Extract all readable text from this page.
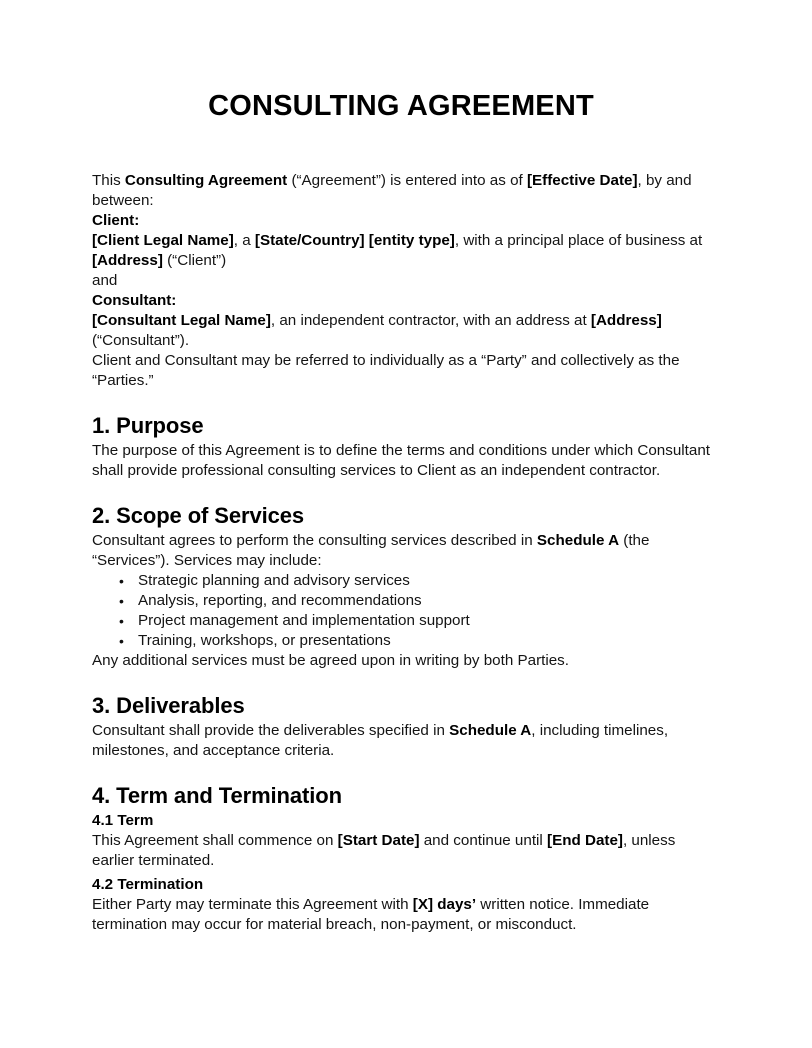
CONSULTING AGREEMENT

This Consulting Agreement (“Agreement”) is entered into as of [Effective Date], by and between:

Client:

[Client Legal Name], a [State/Country] [entity type], with a principal place of business at [Address] (“Client”)

and

Consultant:

[Consultant Legal Name], an independent contractor, with an address at [Address] (“Consultant”).

Client and Consultant may be referred to individually as a “Party” and collectively as the “Parties.”

1. Purpose

The purpose of this Agreement is to define the terms and conditions under which Consultant shall provide professional consulting services to Client as an independent contractor.

2. Scope of Services

Consultant agrees to perform the consulting services described in Schedule A (the “Services”). Services may include:

• Strategic planning and advisory services
• Analysis, reporting, and recommendations
• Project management and implementation support
• Training, workshops, or presentations

Any additional services must be agreed upon in writing by both Parties.

3. Deliverables

Consultant shall provide the deliverables specified in Schedule A, including timelines, milestones, and acceptance criteria.

4. Term and Termination

4.1 Term

This Agreement shall commence on [Start Date] and continue until [End Date], unless earlier terminated.

4.2 Termination

Either Party may terminate this Agreement with [X] days’ written notice. Immediate termination may occur for material breach, non-payment, or misconduct.
